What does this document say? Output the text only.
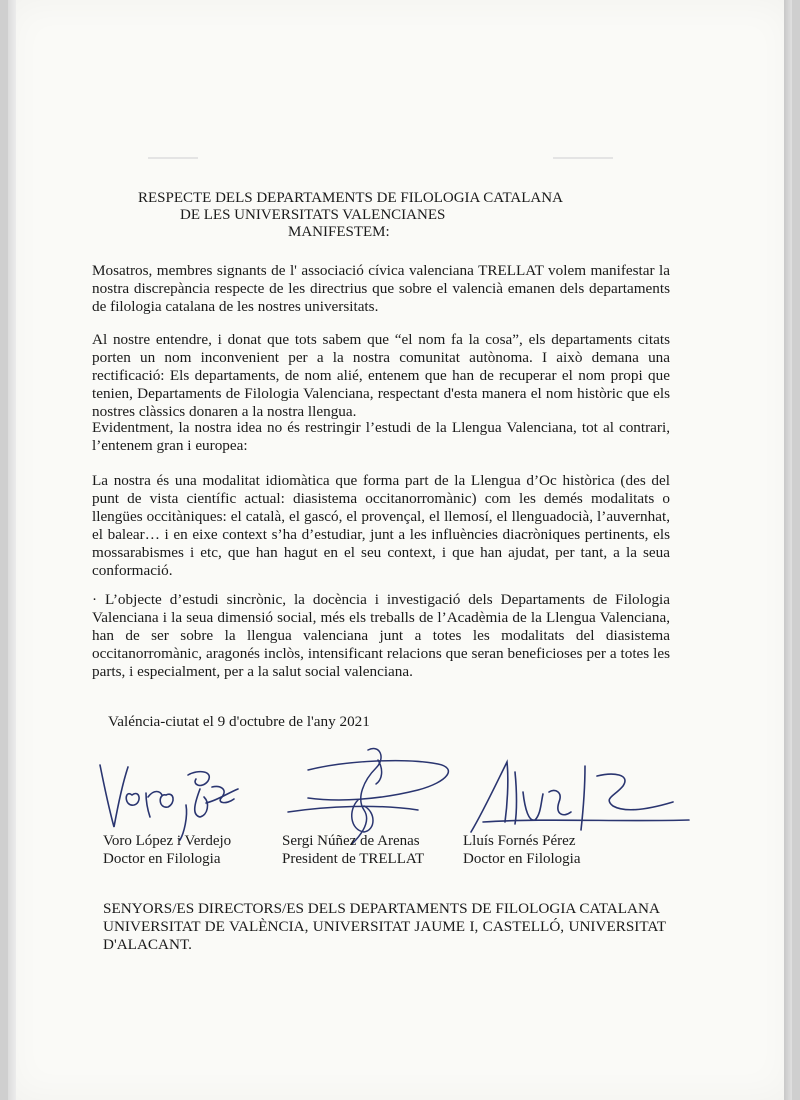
RESPECTE DELS DEPARTAMENTS DE FILOLOGIA CATALANA
DE LES UNIVERSITATS VALENCIANES
MANIFESTEM:

Mosatros, membres signants de l' associació cívica valenciana TRELLAT volem manifestar la nostra discrepància respecte de les directrius que sobre el valencià emanen dels departaments de filologia catalana de les nostres universitats.

Al nostre entendre, i donat que tots sabem que “el nom fa la cosa”, els departaments citats porten un nom inconvenient per a la nostra comunitat autònoma. I això demana una rectificació: Els departaments, de nom alié, entenem que han de recuperar el nom propi que tenien, Departaments de Filologia Valenciana, respectant d'esta manera el nom històric que els nostres clàssics donaren a la nostra llengua.

Evidentment, la nostra idea no és restringir l’estudi de la Llengua Valenciana, tot al contrari, l’entenem gran i europea:

La nostra és una modalitat idiomàtica que forma part de la Llengua d’Oc històrica (des del punt de vista científic actual: diasistema occitanorromànic) com les demés modalitats o llengües occitàniques: el català, el gascó, el provençal, el llemosí, el llenguadocià, l’auvernhat, el balear… i en eixe context s’ha d’estudiar, junt a les influències diacròniques pertinents, els mossarabismes i etc, que han hagut en el seu context, i que han ajudat, per tant, a la seua conformació.

· L’objecte d’estudi sincrònic, la docència i investigació dels Departaments de Filologia Valenciana i la seua dimensió social, més els treballs de l’Acadèmia de la Llengua Valenciana, han de ser sobre la llengua valenciana junt a totes les modalitats del diasistema occitanorromànic, aragonés inclòs, intensificant relacions que seran beneficioses per a totes les parts, i especialment, per a la salut social valenciana.

Valéncia-ciutat el 9 d'octubre de l'any 2021
Voro López i Verdejo
Doctor en Filologia
Sergi Núñez de Arenas
President de TRELLAT
Lluís Fornés Pérez
Doctor en Filologia

SENYORS/ES DIRECTORS/ES DELS DEPARTAMENTS DE FILOLOGIA CATALANA

UNIVERSITAT DE VALÈNCIA, UNIVERSITAT JAUME I, CASTELLÓ, UNIVERSITAT D'ALACANT.
